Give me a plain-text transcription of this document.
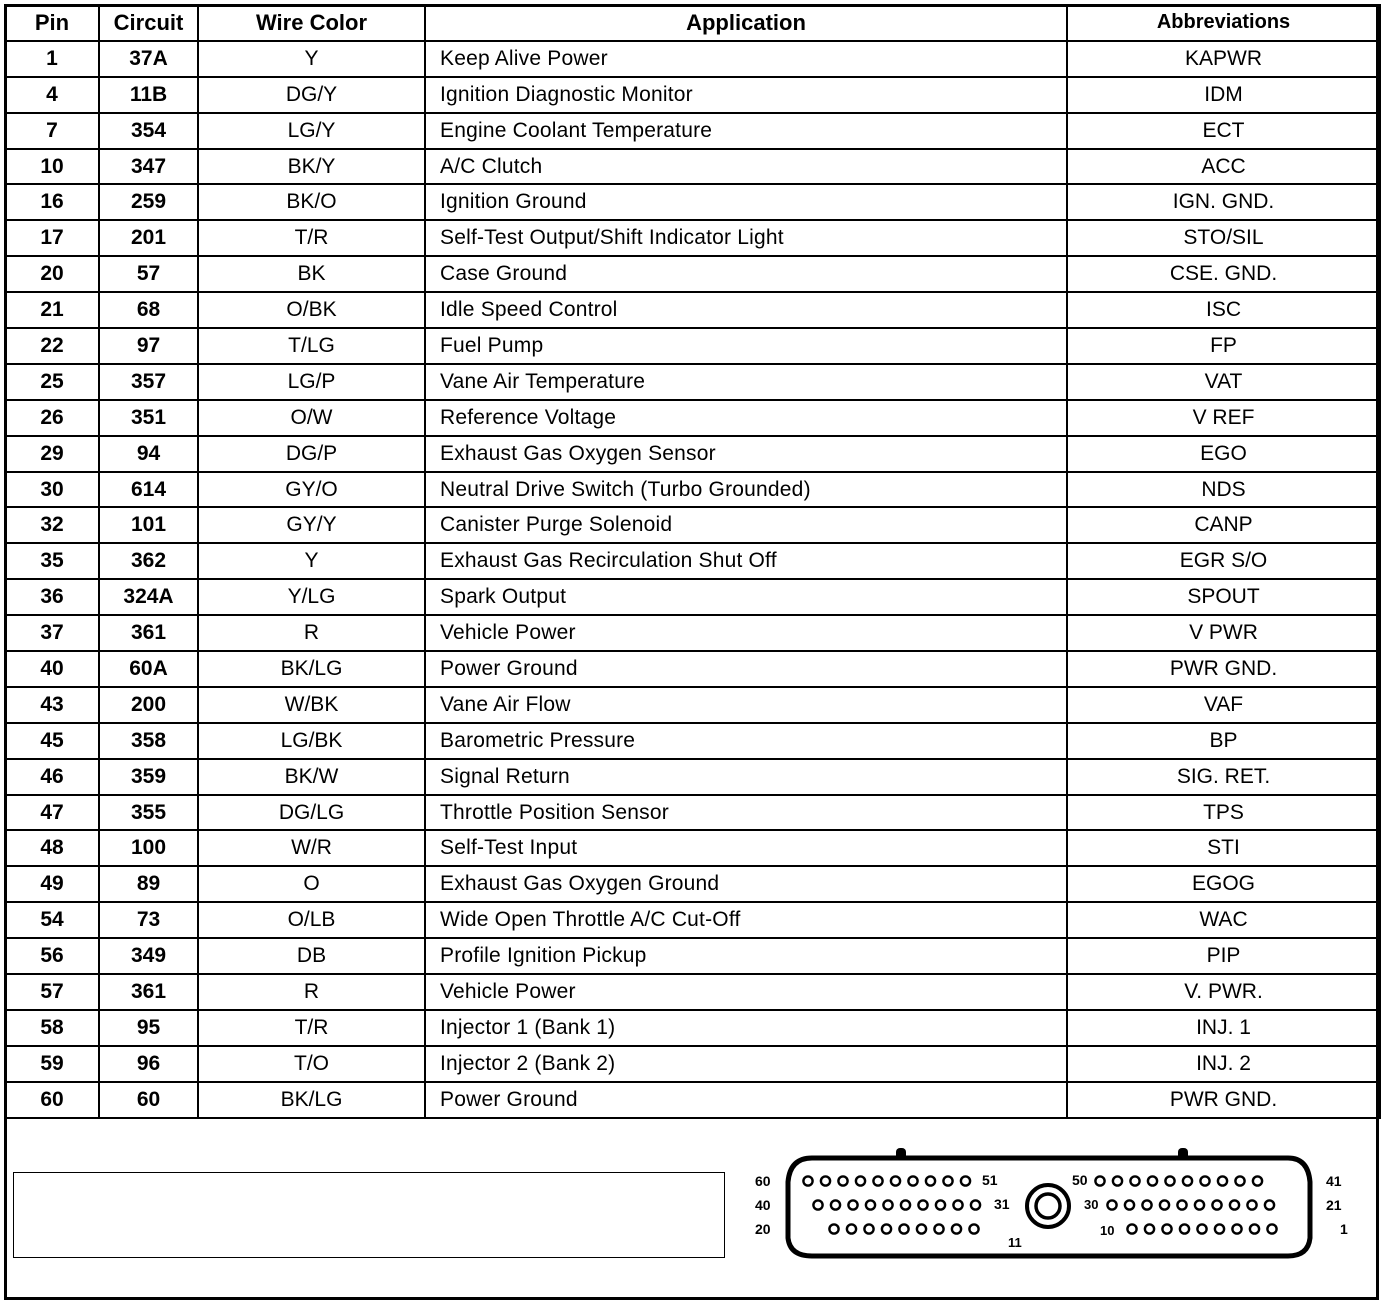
Pin	Circuit	Wire Color	Application	Abbreviations
1	37A	Y	Keep Alive Power	KAPWR
4	11B	DG/Y	Ignition Diagnostic Monitor	IDM
7	354	LG/Y	Engine Coolant Temperature	ECT
10	347	BK/Y	A/C Clutch	ACC
16	259	BK/O	Ignition Ground	IGN. GND.
17	201	T/R	Self-Test Output/Shift Indicator Light	STO/SIL
20	57	BK	Case Ground	CSE. GND.
21	68	O/BK	Idle Speed Control	ISC
22	97	T/LG	Fuel Pump	FP
25	357	LG/P	Vane Air Temperature	VAT
26	351	O/W	Reference Voltage	V REF
29	94	DG/P	Exhaust Gas Oxygen Sensor	EGO
30	614	GY/O	Neutral Drive Switch (Turbo Grounded)	NDS
32	101	GY/Y	Canister Purge Solenoid	CANP
35	362	Y	Exhaust Gas Recirculation Shut Off	EGR S/O
36	324A	Y/LG	Spark Output	SPOUT
37	361	R	Vehicle Power	V PWR
40	60A	BK/LG	Power Ground	PWR GND.
43	200	W/BK	Vane Air Flow	VAF
45	358	LG/BK	Barometric Pressure	BP
46	359	BK/W	Signal Return	SIG. RET.
47	355	DG/LG	Throttle Position Sensor	TPS
48	100	W/R	Self-Test Input	STI
49	89	O	Exhaust Gas Oxygen Ground	EGOG
54	73	O/LB	Wide Open Throttle A/C Cut-Off	WAC
56	349	DB	Profile Ignition Pickup	PIP
57	361	R	Vehicle Power	V. PWR.
58	95	T/R	Injector 1 (Bank 1)	INJ. 1
59	96	T/O	Injector 2 (Bank 2)	INJ. 2
60	60	BK/LG	Power Ground	PWR GND.
60
40
20
41
21
1
51	50
31	30
10
11
